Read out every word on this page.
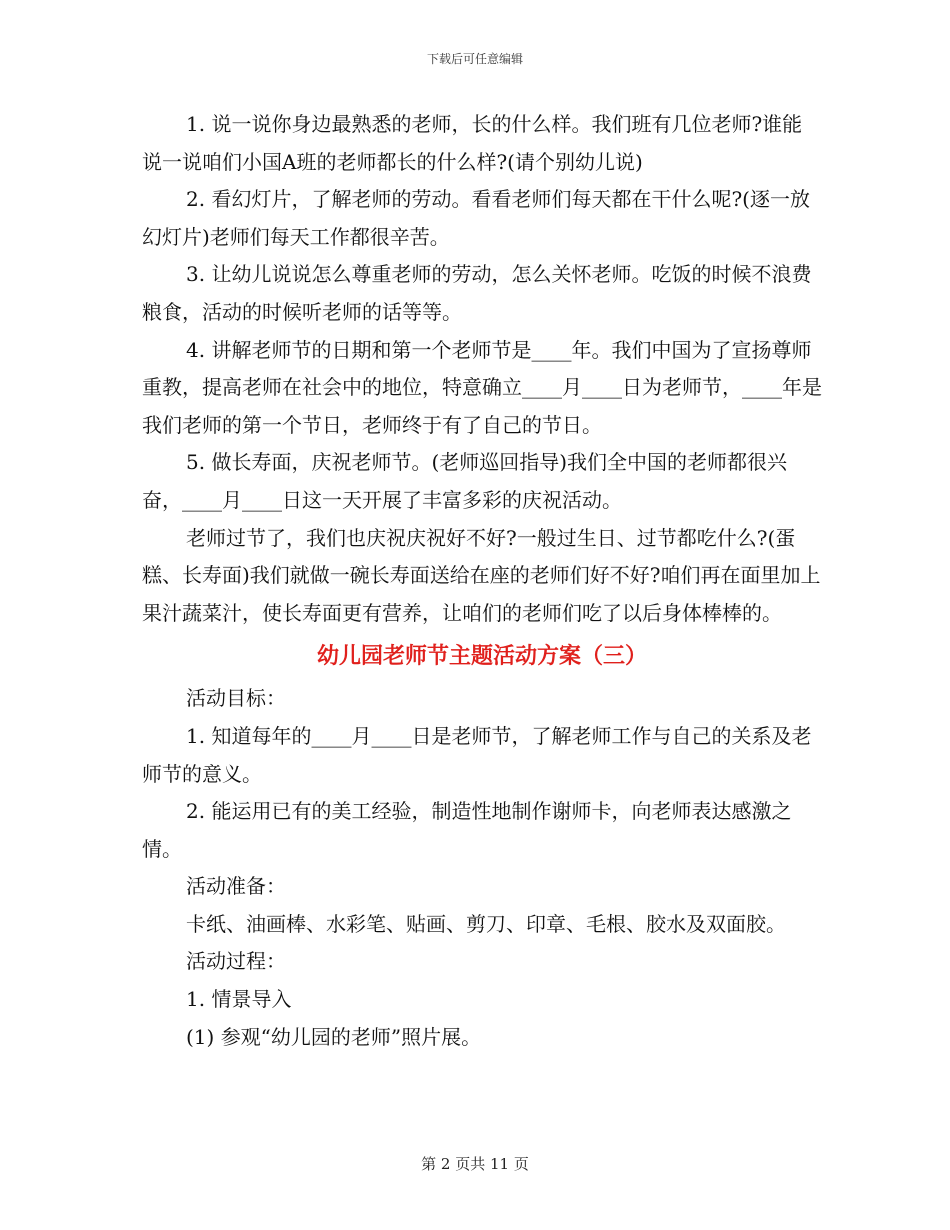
下载后可任意编辑

1. 说一说你身边最熟悉的老师，长的什么样。我们班有几位老师?谁能说一说咱们小国A班的老师都长的什么样?(请个别幼儿说)

2. 看幻灯片，了解老师的劳动。看看老师们每天都在干什么呢?(逐一放幻灯片)老师们每天工作都很辛苦。

3. 让幼儿说说怎么尊重老师的劳动，怎么关怀老师。吃饭的时候不浪费粮食，活动的时候听老师的话等等。

4. 讲解老师节的日期和第一个老师节是____年。我们中国为了宣扬尊师重教，提高老师在社会中的地位，特意确立____月____日为老师节，____年是我们老师的第一个节日，老师终于有了自己的节日。

5. 做长寿面，庆祝老师节。(老师巡回指导)我们全中国的老师都很兴奋，____月____日这一天开展了丰富多彩的庆祝活动。

老师过节了，我们也庆祝庆祝好不好?一般过生日、过节都吃什么?(蛋糕、长寿面)我们就做一碗长寿面送给在座的老师们好不好?咱们再在面里加上果汁蔬菜汁，使长寿面更有营养，让咱们的老师们吃了以后身体棒棒的。

幼儿园老师节主题活动方案（三）

活动目标：

1. 知道每年的____月____日是老师节，了解老师工作与自己的关系及老师节的意义。

2. 能运用已有的美工经验，制造性地制作谢师卡，向老师表达感激之情。

活动准备：

卡纸、油画棒、水彩笔、贴画、剪刀、印章、毛根、胶水及双面胶。

活动过程：

1. 情景导入

(1) 参观“幼儿园的老师”照片展。

第 2 页共 11 页
